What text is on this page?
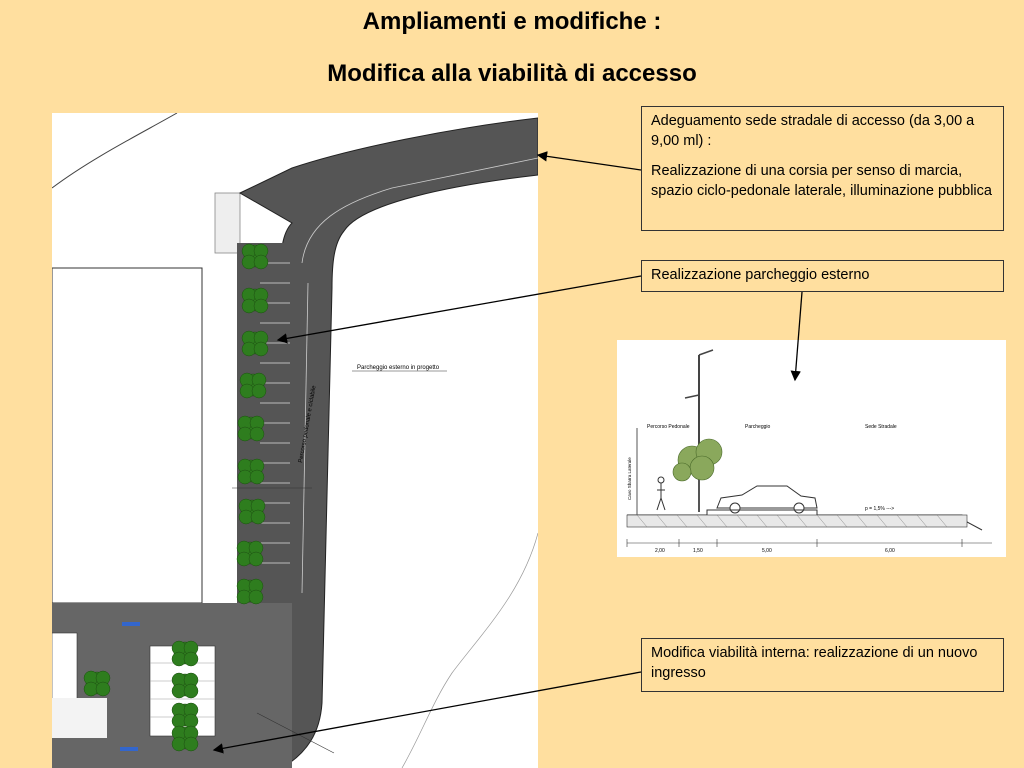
Ampliamenti e modifiche :
Modifica alla viabilità di accesso
Parcheggio esterno in progetto
Percorso pedonale e ciclabile	Percorso Pedonale	Parcheggio	Sede Stradale
Cavo Sbarra Laterale
p = 1,5% --->
2,00	1,50	5,00	6,00

Adeguamento sede stradale di accesso (da 3,00 a 9,00 ml) :

Realizzazione di una corsia per senso di marcia, spazio ciclo-pedonale laterale, illuminazione pubblica

Realizzazione parcheggio esterno

Modifica viabilità interna: realizzazione di un nuovo ingresso
